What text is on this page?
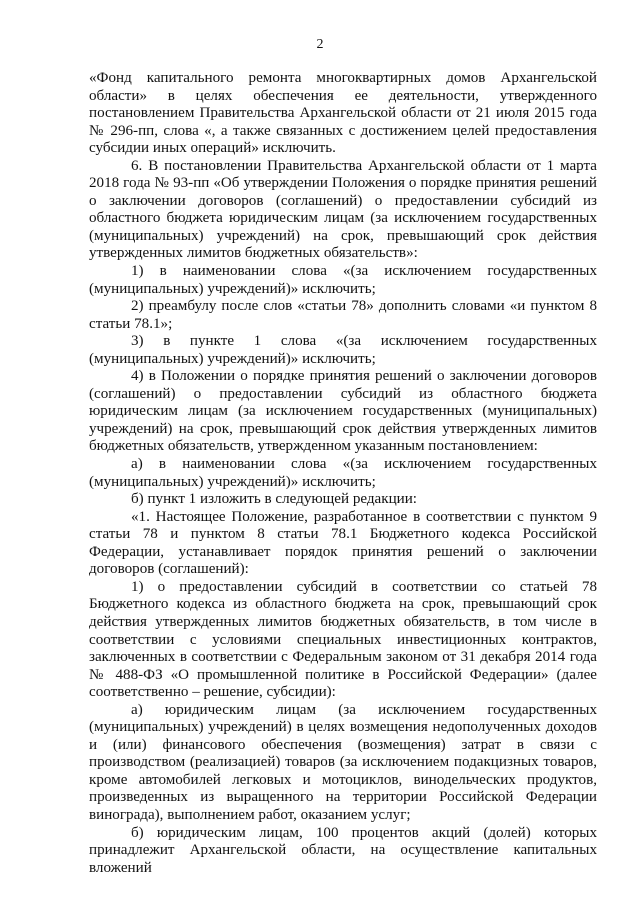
2

«Фонд капитального ремонта многоквартирных домов Архангельской области» в целях обеспечения ее деятельности, утвержденного постановлением Правительства Архангельской области от 21 июля 2015 года № 296-пп, слова «, а также связанных с достижением целей предоставления субсидии иных операций» исключить.

6. В постановлении Правительства Архангельской области от 1 марта 2018 года № 93-пп «Об утверждении Положения о порядке принятия решений о заключении договоров (соглашений) о предоставлении субсидий из областного бюджета юридическим лицам (за исключением государственных (муниципальных) учреждений) на срок, превышающий срок действия утвержденных лимитов бюджетных обязательств»:

1) в наименовании слова «(за исключением государственных (муниципальных) учреждений)» исключить;

2) преамбулу после слов «статьи 78» дополнить словами «и пунктом 8 статьи 78.1»;

3) в пункте 1 слова «(за исключением государственных (муниципальных) учреждений)» исключить;

4) в Положении о порядке принятия решений о заключении договоров (соглашений) о предоставлении субсидий из областного бюджета юридическим лицам (за исключением государственных (муниципальных) учреждений) на срок, превышающий срок действия утвержденных лимитов бюджетных обязательств, утвержденном указанным постановлением:

а) в наименовании слова «(за исключением государственных (муниципальных) учреждений)» исключить;

б) пункт 1 изложить в следующей редакции:

«1. Настоящее Положение, разработанное в соответствии с пунктом 9 статьи 78 и пунктом 8 статьи 78.1 Бюджетного кодекса Российской Федерации, устанавливает порядок принятия решений о заключении договоров (соглашений):

1) о предоставлении субсидий в соответствии со статьей 78 Бюджетного кодекса из областного бюджета на срок, превышающий срок действия утвержденных лимитов бюджетных обязательств, в том числе в соответствии с условиями специальных инвестиционных контрактов, заключенных в соответствии с Федеральным законом от 31 декабря 2014 года № 488-ФЗ «О промышленной политике в Российской Федерации» (далее соответственно – решение, субсидии):

а) юридическим лицам (за исключением государственных (муниципальных) учреждений) в целях возмещения недополученных доходов и (или) финансового обеспечения (возмещения) затрат в связи с производством (реализацией) товаров (за исключением подакцизных товаров, кроме автомобилей легковых и мотоциклов, винодельческих продуктов, произведенных из выращенного на территории Российской Федерации винограда), выполнением работ, оказанием услуг;

б) юридическим лицам, 100 процентов акций (долей) которых принадлежит Архангельской области, на осуществление капитальных вложений
